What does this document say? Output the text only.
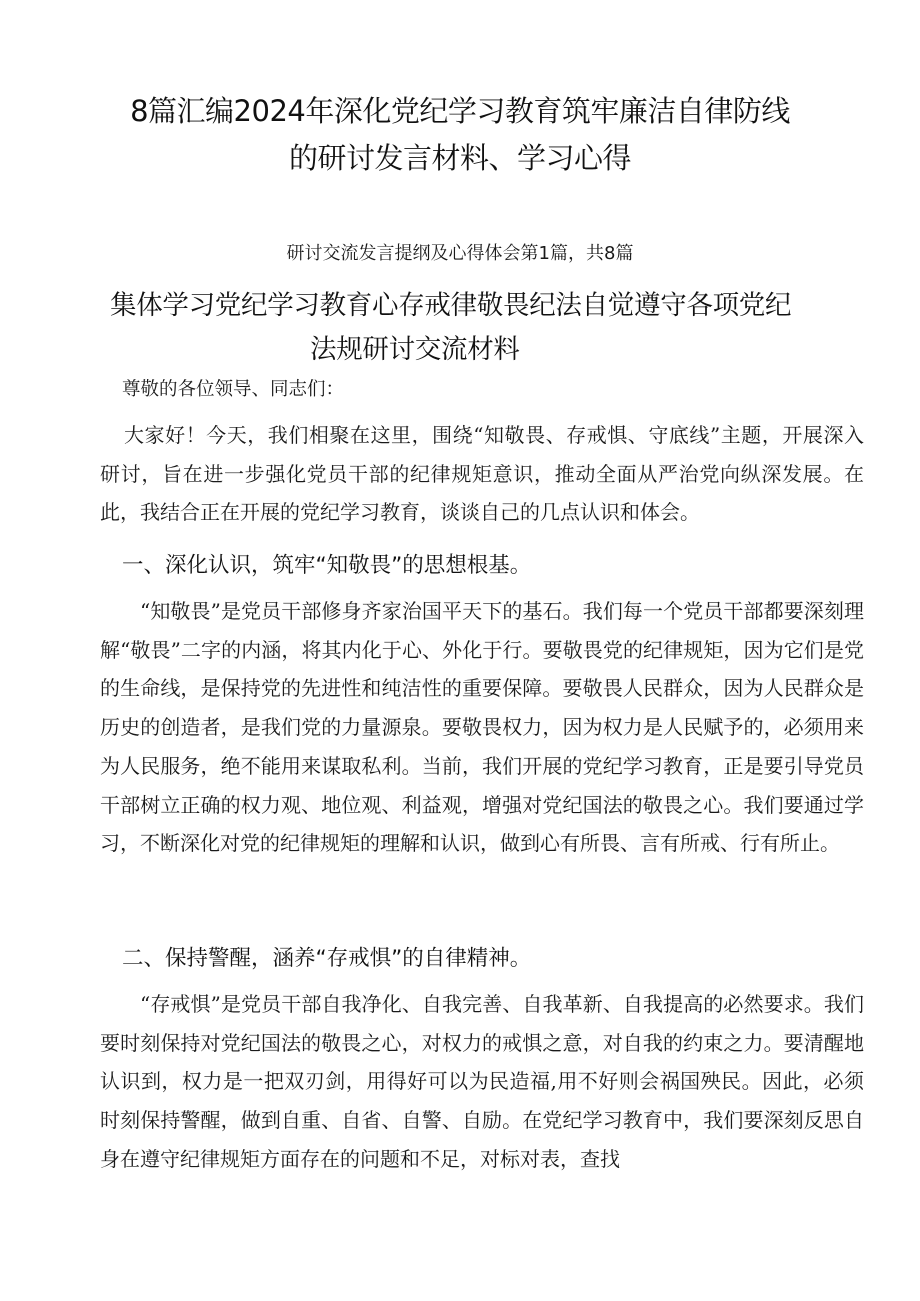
8篇汇编2024年深化党纪学习教育筑牢廉洁自律防线
的研讨发言材料、学习心得
研讨交流发言提纲及心得体会第1篇，共8篇
集体学习党纪学习教育心存戒律敬畏纪法自觉遵守各项党纪
法规研讨交流材料

尊敬的各位领导、同志们：

大家好！今天，我们相聚在这里，围绕“知敬畏、存戒惧、守底线”主题，开展深入研讨，旨在进一步强化党员干部的纪律规矩意识，推动全面从严治党向纵深发展。在此，我结合正在开展的党纪学习教育，谈谈自己的几点认识和体会。

一、深化认识，筑牢“知敬畏”的思想根基。

“知敬畏”是党员干部修身齐家治国平天下的基石。我们每一个党员干部都要深刻理解“敬畏”二字的内涵，将其内化于心、外化于行。要敬畏党的纪律规矩，因为它们是党的生命线，是保持党的先进性和纯洁性的重要保障。要敬畏人民群众，因为人民群众是历史的创造者，是我们党的力量源泉。要敬畏权力，因为权力是人民赋予的，必须用来为人民服务，绝不能用来谋取私利。当前，我们开展的党纪学习教育，正是要引导党员干部树立正确的权力观、地位观、利益观，增强对党纪国法的敬畏之心。我们要通过学习，不断深化对党的纪律规矩的理解和认识，做到心有所畏、言有所戒、行有所止。

二、保持警醒，涵养“存戒惧”的自律精神。

“存戒惧”是党员干部自我净化、自我完善、自我革新、自我提高的必然要求。我们要时刻保持对党纪国法的敬畏之心，对权力的戒惧之意，对自我的约束之力。要清醒地认识到，权力是一把双刃剑，用得好可以为民造福,用不好则会祸国殃民。因此，必须时刻保持警醒，做到自重、自省、自警、自励。在党纪学习教育中，我们要深刻反思自身在遵守纪律规矩方面存在的问题和不足，对标对表，查找
